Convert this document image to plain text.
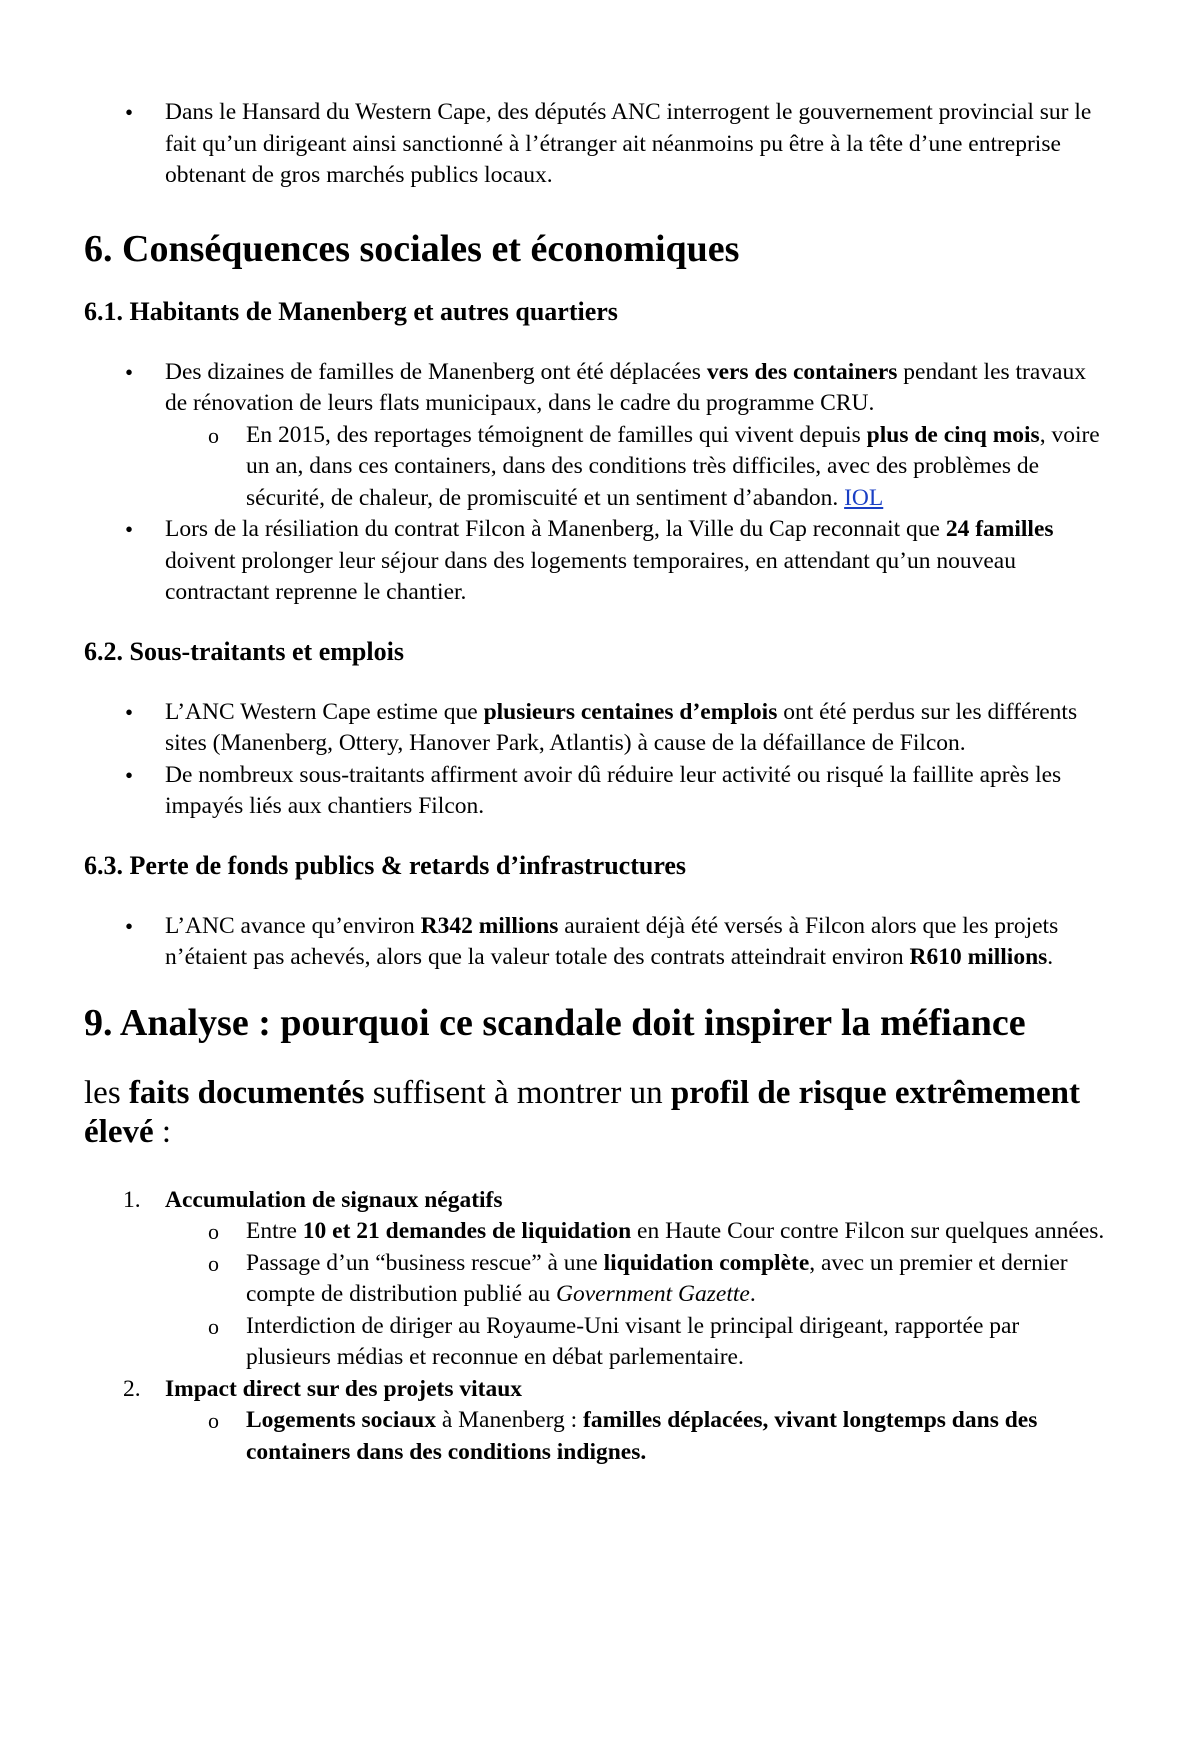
• Dans le Hansard du Western Cape, des députés ANC interrogent le gouvernement provincial sur le fait qu’un dirigeant ainsi sanctionné à l’étranger ait néanmoins pu être à la tête d’une entreprise obtenant de gros marchés publics locaux.
6. Conséquences sociales et économiques
6.1. Habitants de Manenberg et autres quartiers
• Des dizaines de familles de Manenberg ont été déplacées vers des containers pendant les travaux de rénovation de leurs flats municipaux, dans le cadre du programme CRU.
o En 2015, des reportages témoignent de familles qui vivent depuis plus de cinq mois, voire un an, dans ces containers, dans des conditions très difficiles, avec des problèmes de sécurité, de chaleur, de promiscuité et un sentiment d’abandon. IOL
• Lors de la résiliation du contrat Filcon à Manenberg, la Ville du Cap reconnait que 24 familles doivent prolonger leur séjour dans des logements temporaires, en attendant qu’un nouveau contractant reprenne le chantier.
6.2. Sous-traitants et emplois
• L’ANC Western Cape estime que plusieurs centaines d’emplois ont été perdus sur les différents sites (Manenberg, Ottery, Hanover Park, Atlantis) à cause de la défaillance de Filcon.
• De nombreux sous-traitants affirment avoir dû réduire leur activité ou risqué la faillite après les impayés liés aux chantiers Filcon.
6.3. Perte de fonds publics & retards d’infrastructures
• L’ANC avance qu’environ R342 millions auraient déjà été versés à Filcon alors que les projets n’étaient pas achevés, alors que la valeur totale des contrats atteindrait environ R610 millions.
9. Analyse : pourquoi ce scandale doit inspirer la méfiance

les faits documentés suffisent à montrer un profil de risque extrêmement élevé :

1. Accumulation de signaux négatifs
o Entre 10 et 21 demandes de liquidation en Haute Cour contre Filcon sur quelques années.
o Passage d’un “business rescue” à une liquidation complète, avec un premier et dernier compte de distribution publié au Government Gazette.
o Interdiction de diriger au Royaume-Uni visant le principal dirigeant, rapportée par plusieurs médias et reconnue en débat parlementaire.
2. Impact direct sur des projets vitaux
o Logements sociaux à Manenberg : familles déplacées, vivant longtemps dans des containers dans des conditions indignes.
